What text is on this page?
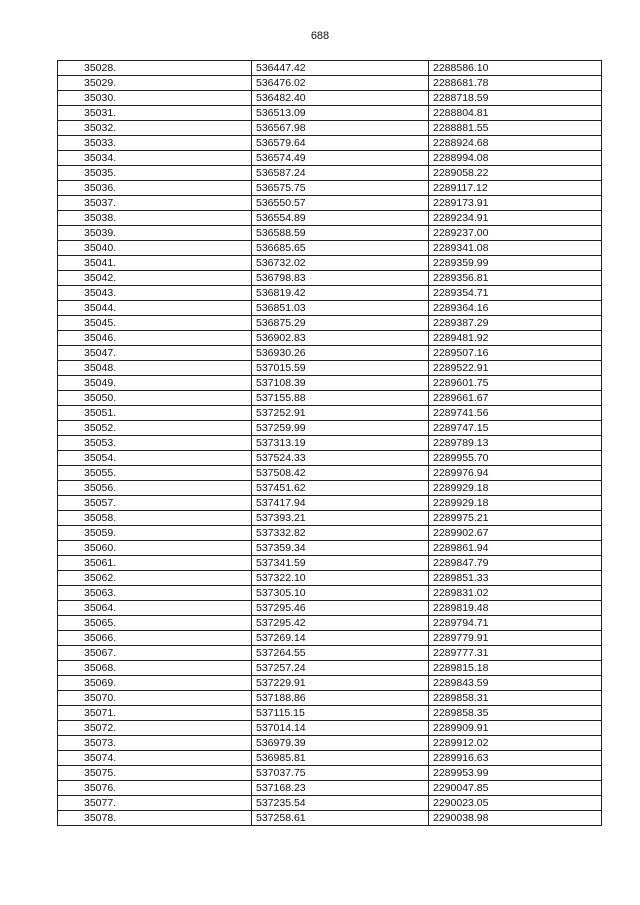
688
35028.	536447.42	2288586.10
35029.	536476.02	2288681.78
35030.	536482.40	2288718.59
35031.	536513.09	2288804.81
35032.	536567.98	2288881.55
35033.	536579.64	2288924.68
35034.	536574.49	2288994.08
35035.	536587.24	2289058.22
35036.	536575.75	2289117.12
35037.	536550.57	2289173.91
35038.	536554.89	2289234.91
35039.	536588.59	2289237.00
35040.	536685.65	2289341.08
35041.	536732.02	2289359.99
35042.	536798.83	2289356.81
35043.	536819.42	2289354.71
35044.	536851.03	2289364.16
35045.	536875.29	2289387.29
35046.	536902.83	2289481.92
35047.	536930.26	2289507.16
35048.	537015.59	2289522.91
35049.	537108.39	2289601.75
35050.	537155.88	2289661.67
35051.	537252.91	2289741.56
35052.	537259.99	2289747.15
35053.	537313.19	2289789.13
35054.	537524.33	2289955.70
35055.	537508.42	2289976.94
35056.	537451.62	2289929.18
35057.	537417.94	2289929.18
35058.	537393.21	2289975.21
35059.	537332.82	2289902.67
35060.	537359.34	2289861.94
35061.	537341.59	2289847.79
35062.	537322.10	2289851.33
35063.	537305.10	2289831.02
35064.	537295.46	2289819.48
35065.	537295.42	2289794.71
35066.	537269.14	2289779.91
35067.	537264.55	2289777.31
35068.	537257.24	2289815.18
35069.	537229.91	2289843.59
35070.	537188.86	2289858.31
35071.	537115.15	2289858.35
35072.	537014.14	2289909.91
35073.	536979.39	2289912.02
35074.	536985.81	2289916.63
35075.	537037.75	2289953.99
35076.	537168.23	2290047.85
35077.	537235.54	2290023.05
35078.	537258.61	2290038.98
